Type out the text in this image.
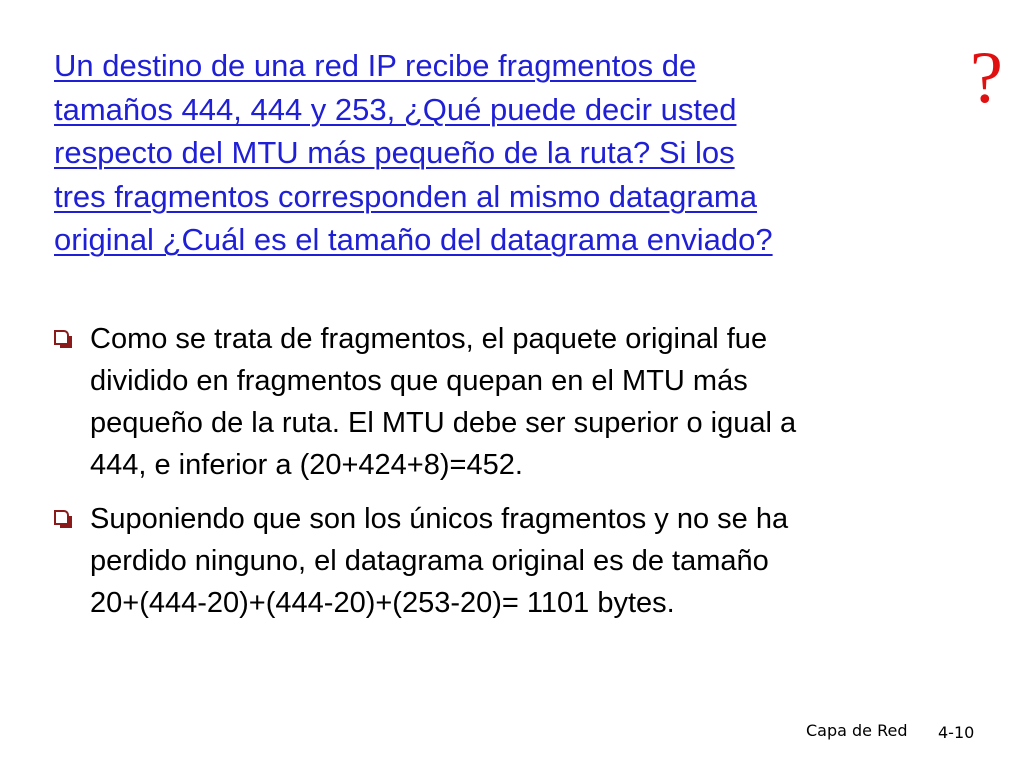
Un destino de una red IP recibe fragmentos de
tamaños 444, 444 y 253, ¿Qué puede decir usted
respecto del MTU más pequeño de la ruta? Si los
tres fragmentos corresponden al mismo datagrama
original ¿Cuál es el tamaño del datagrama enviado?

?
Como se trata de fragmentos, el paquete original fue
dividido en fragmentos que quepan en el MTU más
pequeño de la ruta. El MTU debe ser superior o igual a
444, e inferior a (20+424+8)=452.
Suponiendo que son los únicos fragmentos y no se ha
perdido ninguno, el datagrama original es de tamaño
20+(444-20)+(444-20)+(253-20)= 1101 bytes.
Capa de Red 4-10
